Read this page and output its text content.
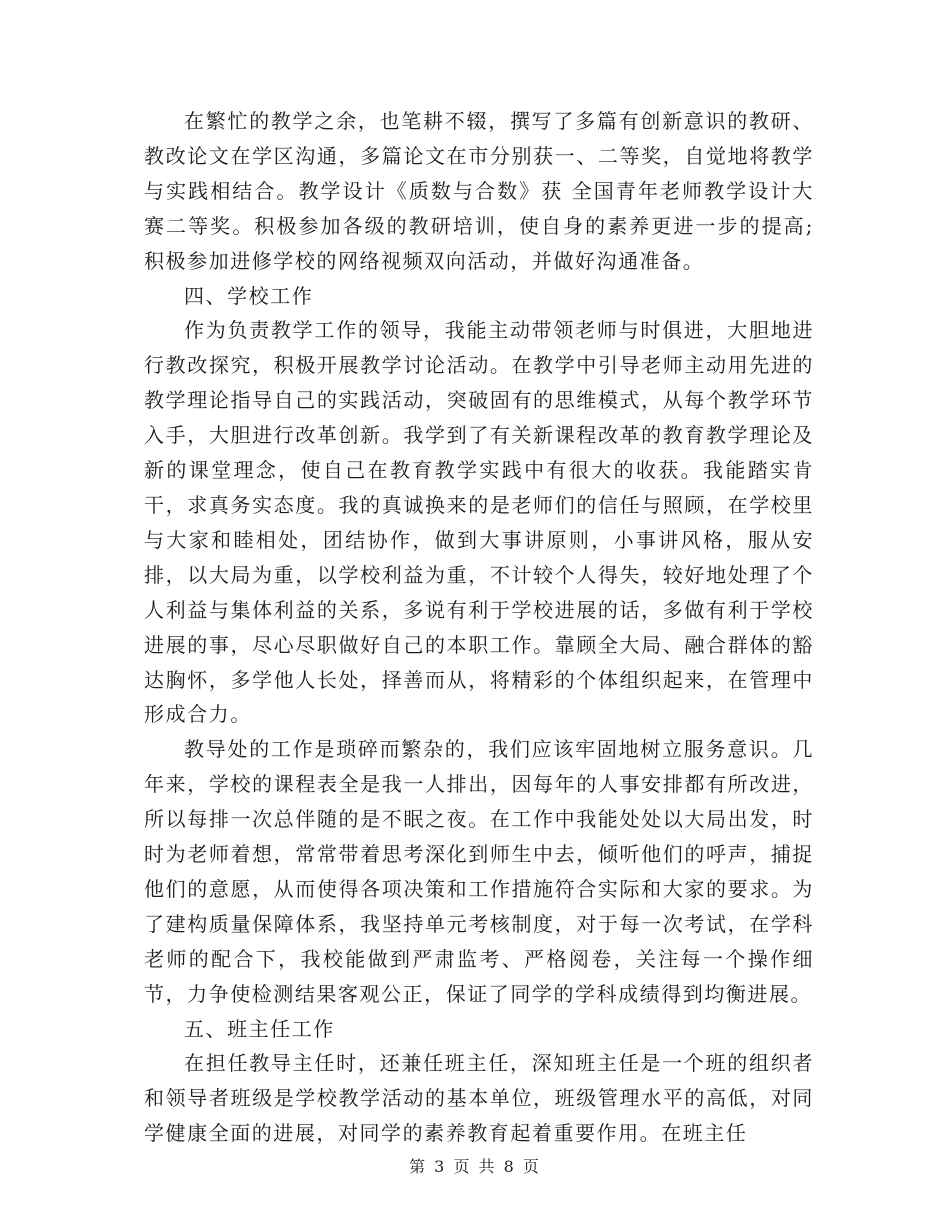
在繁忙的教学之余，也笔耕不辍，撰写了多篇有创新意识的教研、教改论文在学区沟通，多篇论文在市分别获一、二等奖，自觉地将教学与实践相结合。教学设计《质数与合数》获 全国青年老师教学设计大赛二等奖。积极参加各级的教研培训，使自身的素养更进一步的提高;积极参加进修学校的网络视频双向活动，并做好沟通准备。

四、学校工作

作为负责教学工作的领导，我能主动带领老师与时俱进，大胆地进行教改探究，积极开展教学讨论活动。在教学中引导老师主动用先进的教学理论指导自己的实践活动，突破固有的思维模式，从每个教学环节入手，大胆进行改革创新。我学到了有关新课程改革的教育教学理论及新的课堂理念，使自己在教育教学实践中有很大的收获。我能踏实肯干，求真务实态度。我的真诚换来的是老师们的信任与照顾，在学校里与大家和睦相处，团结协作，做到大事讲原则，小事讲风格，服从安排，以大局为重，以学校利益为重，不计较个人得失，较好地处理了个人利益与集体利益的关系，多说有利于学校进展的话，多做有利于学校进展的事，尽心尽职做好自己的本职工作。靠顾全大局、融合群体的豁达胸怀，多学他人长处，择善而从，将精彩的个体组织起来，在管理中形成合力。

教导处的工作是琐碎而繁杂的，我们应该牢固地树立服务意识。几年来，学校的课程表全是我一人排出，因每年的人事安排都有所改进，所以每排一次总伴随的是不眠之夜。在工作中我能处处以大局出发，时时为老师着想，常常带着思考深化到师生中去，倾听他们的呼声，捕捉他们的意愿，从而使得各项决策和工作措施符合实际和大家的要求。为了建构质量保障体系，我坚持单元考核制度，对于每一次考试，在学科老师的配合下，我校能做到严肃监考、严格阅卷，关注每一个操作细节，力争使检测结果客观公正，保证了同学的学科成绩得到均衡进展。

五、班主任工作

在担任教导主任时，还兼任班主任，深知班主任是一个班的组织者和领导者班级是学校教学活动的基本单位，班级管理水平的高低，对同学健康全面的进展，对同学的素养教育起着重要作用。在班主任

第 3 页 共 8 页
